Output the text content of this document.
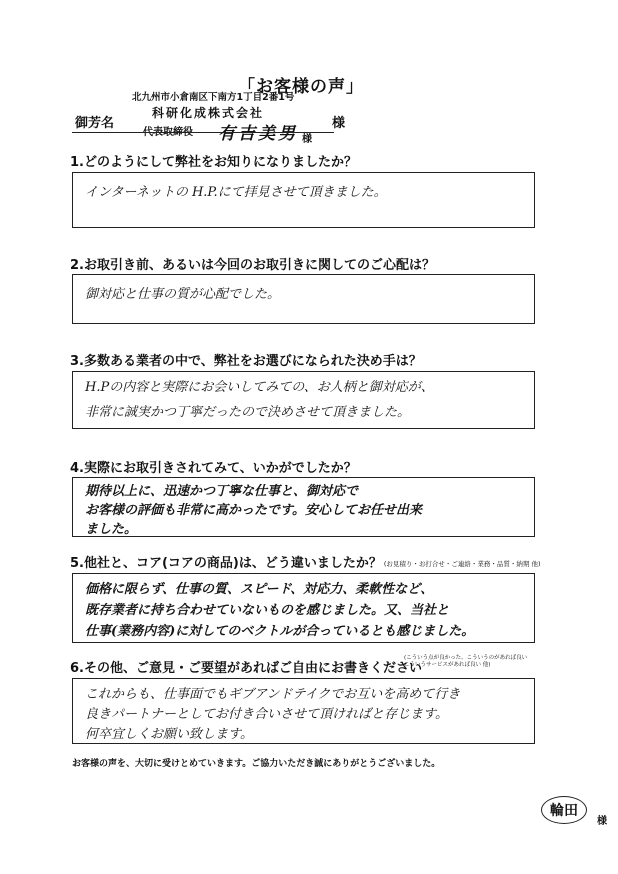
「お客様の声」
北九州市小倉南区下南方1丁目2番1号
科研化成株式会社
御芳名
代表取締役 有吉美男 様
様
1.どのようにして弊社をお知りになりましたか？
インターネットの H.P.にて拝見させて頂きました。
2.お取引き前、あるいは今回のお取引きに関してのご心配は？
御対応と仕事の質が心配でした。
3.多数ある業者の中で、弊社をお選びになられた決め手は？
H.Pの内容と実際にお会いしてみての、お人柄と御対応が、
非常に誠実かつ丁寧だったので決めさせて頂きました。
4.実際にお取引きされてみて、いかがでしたか？
期待以上に、迅速かつ丁寧な仕事と、御対応で
お客様の評価も非常に高かったです。安心してお任せ出来
ました。
5.他社と、コア(コアの商品)は、どう違いましたか？ (お見積り・お打合せ・ご連絡・業務・品質・納期 他)
価格に限らず、仕事の質、スピード、対応力、柔軟性など、
既存業者に持ち合わせていないものを感じました。又、当社と
仕事(業務内容)に対してのベクトルが合っているとも感じました。
6.その他、ご意見・ご要望があればご自由にお書きください
(こういう点が良かった、こういうのがあれば良い
こういうサービスがあれば良い 他)
これからも、仕事面でもギブアンドテイクでお互いを高めて行き
良きパートナーとしてお付き合いさせて頂ければと存じます。
何卒宜しくお願い致します。
お客様の声を、大切に受けとめていきます。ご協力いただき誠にありがとうございました。
輪田
様
